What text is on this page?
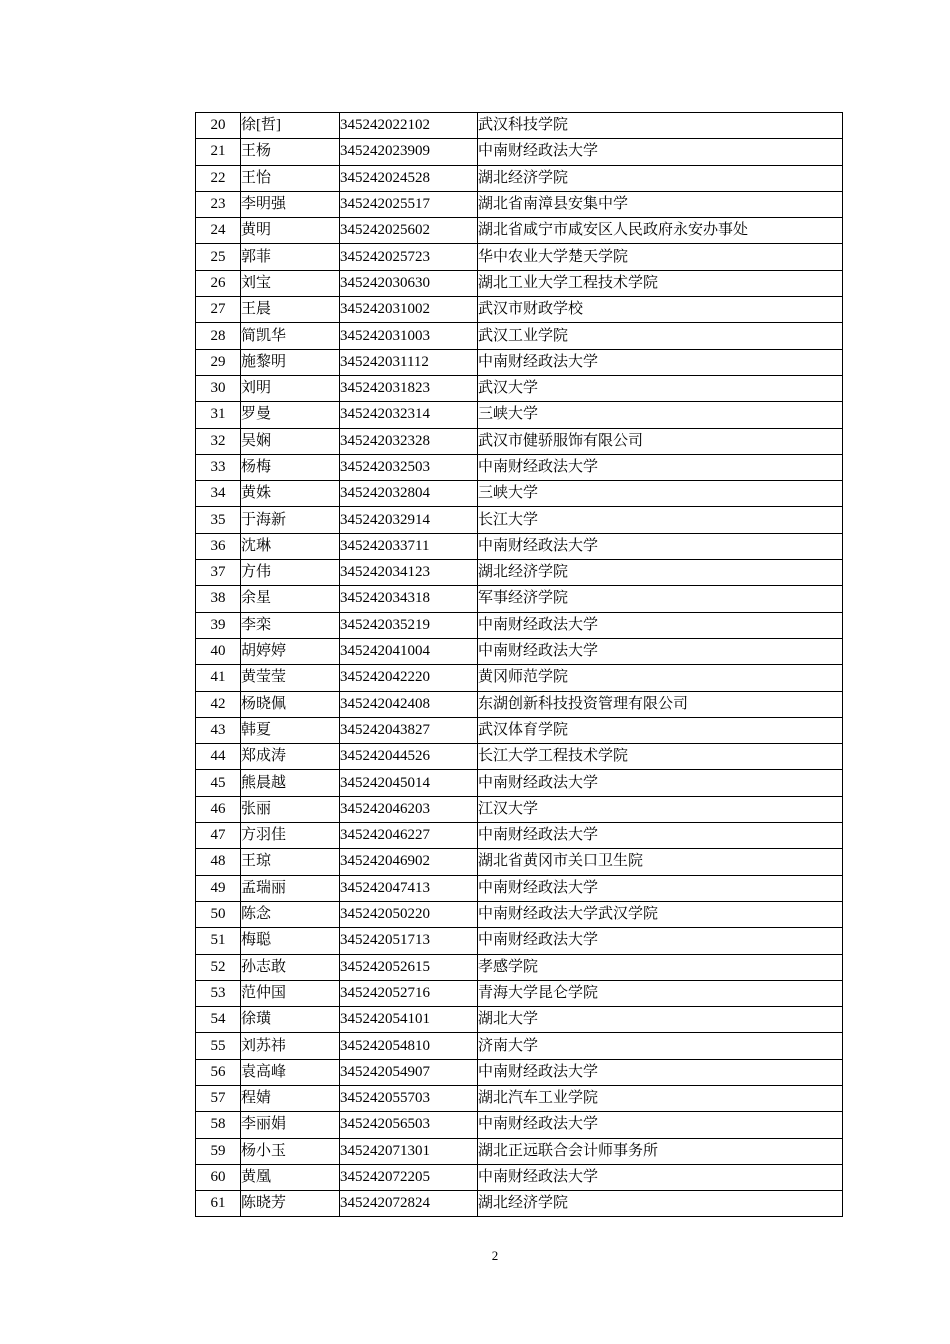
20	徐[哲]	345242022102	武汉科技学院
21	王杨	345242023909	中南财经政法大学
22	王怡	345242024528	湖北经济学院
23	李明强	345242025517	湖北省南漳县安集中学
24	黄明	345242025602	湖北省咸宁市咸安区人民政府永安办事处
25	郭菲	345242025723	华中农业大学楚天学院
26	刘宝	345242030630	湖北工业大学工程技术学院
27	王晨	345242031002	武汉市财政学校
28	简凯华	345242031003	武汉工业学院
29	施黎明	345242031112	中南财经政法大学
30	刘明	345242031823	武汉大学
31	罗曼	345242032314	三峡大学
32	吴娴	345242032328	武汉市健骄服饰有限公司
33	杨梅	345242032503	中南财经政法大学
34	黄姝	345242032804	三峡大学
35	于海新	345242032914	长江大学
36	沈琳	345242033711	中南财经政法大学
37	方伟	345242034123	湖北经济学院
38	余星	345242034318	军事经济学院
39	李栾	345242035219	中南财经政法大学
40	胡婷婷	345242041004	中南财经政法大学
41	黄莹莹	345242042220	黄冈师范学院
42	杨晓佩	345242042408	东湖创新科技投资管理有限公司
43	韩夏	345242043827	武汉体育学院
44	郑成涛	345242044526	长江大学工程技术学院
45	熊晨越	345242045014	中南财经政法大学
46	张丽	345242046203	江汉大学
47	方羽佳	345242046227	中南财经政法大学
48	王琼	345242046902	湖北省黄冈市关口卫生院
49	孟瑞丽	345242047413	中南财经政法大学
50	陈念	345242050220	中南财经政法大学武汉学院
51	梅聪	345242051713	中南财经政法大学
52	孙志敢	345242052615	孝感学院
53	范仲国	345242052716	青海大学昆仑学院
54	徐璜	345242054101	湖北大学
55	刘苏祎	345242054810	济南大学
56	袁高峰	345242054907	中南财经政法大学
57	程婧	345242055703	湖北汽车工业学院
58	李丽娟	345242056503	中南财经政法大学
59	杨小玉	345242071301	湖北正远联合会计师事务所
60	黄凰	345242072205	中南财经政法大学
61	陈晓芳	345242072824	湖北经济学院
2
